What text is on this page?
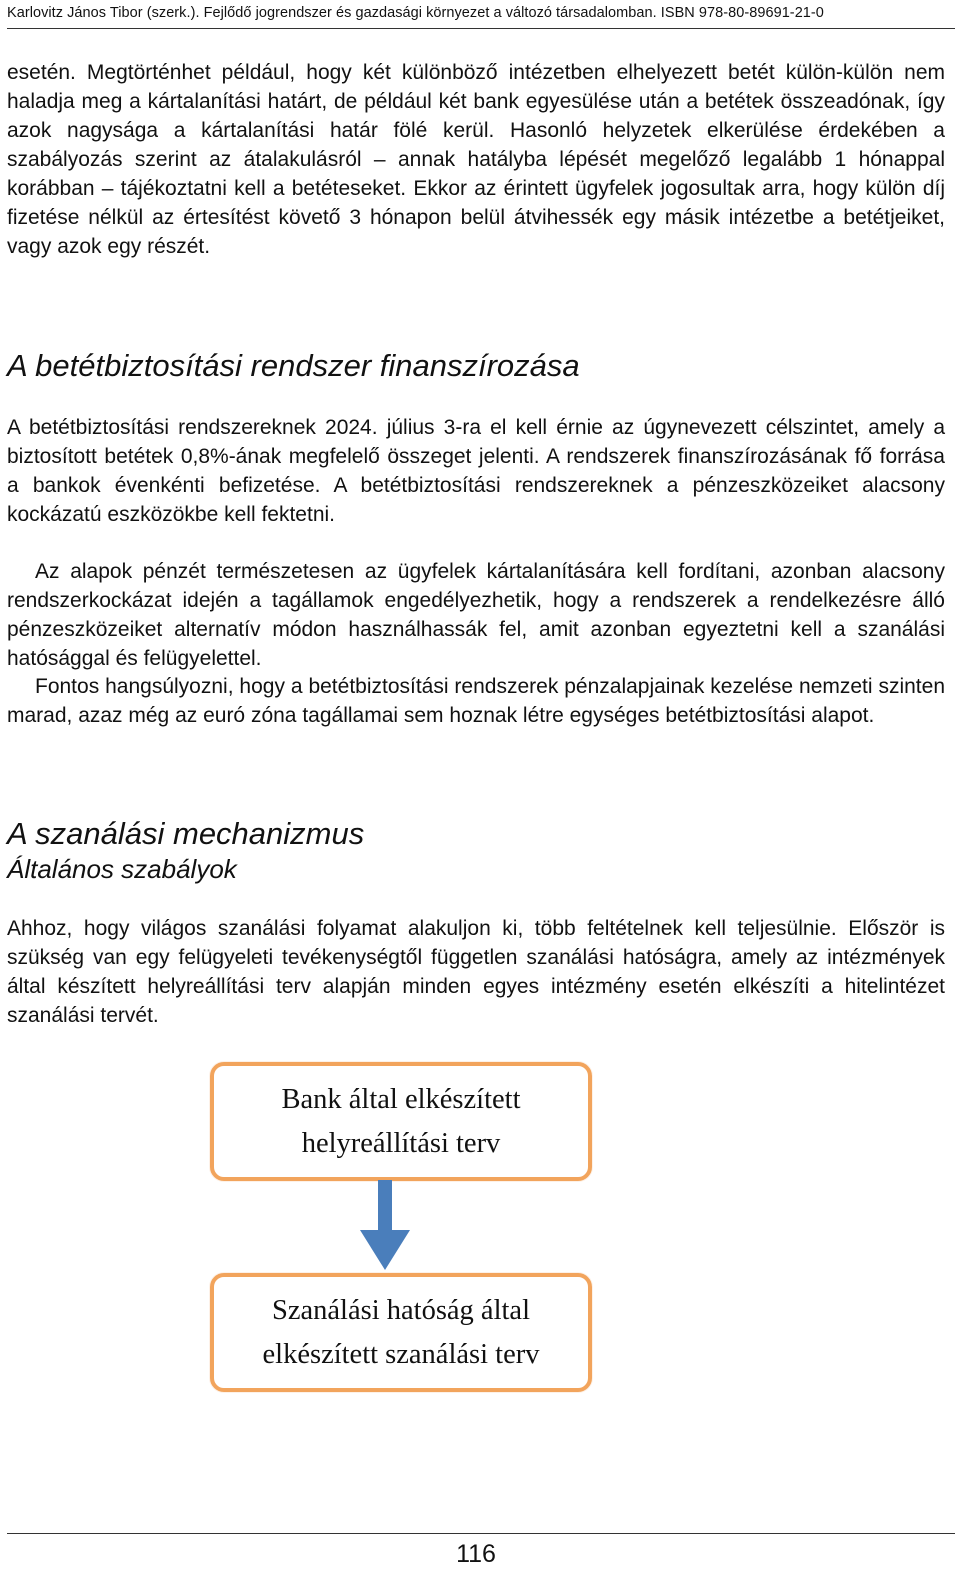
Karlovitz János Tibor (szerk.). Fejlődő jogrendszer és gazdasági környezet a változó társadalomban. ISBN 978-80-89691-21-0

esetén. Megtörténhet például, hogy két különböző intézetben elhelyezett betét külön-külön nem haladja meg a kártalanítási határt, de például két bank egyesülése után a betétek összeadónak, így azok nagysága a kártalanítási határ fölé kerül. Hasonló helyzetek elkerülése érdekében a szabályozás szerint az átalakulásról – annak hatályba lépését megelőző legalább 1 hónappal korábban – tájékoztatni kell a betéteseket. Ekkor az érintett ügyfelek jogosultak arra, hogy külön díj fizetése nélkül az értesítést követő 3 hónapon belül átvihessék egy másik intézetbe a betétjeiket, vagy azok egy részét.

A betétbiztosítási rendszer finanszírozása

A betétbiztosítási rendszereknek 2024. július 3-ra el kell érnie az úgynevezett célszintet, amely a biztosított betétek 0,8%-ának megfelelő összeget jelenti. A rendszerek finanszírozásának fő forrása a bankok évenkénti befizetése. A betétbiztosítási rendszereknek a pénzeszközeiket alacsony kockázatú eszközökbe kell fektetni.

Az alapok pénzét természetesen az ügyfelek kártalanítására kell fordítani, azonban alacsony rendszerkockázat idején a tagállamok engedélyezhetik, hogy a rendszerek a rendelkezésre álló pénzeszközeiket alternatív módon használhassák fel, amit azonban egyeztetni kell a szanálási hatósággal és felügyelettel.

Fontos hangsúlyozni, hogy a betétbiztosítási rendszerek pénzalapjainak kezelése nemzeti szinten marad, azaz még az euró zóna tagállamai sem hoznak létre egységes betétbiztosítási alapot.

A szanálási mechanizmus
Általános szabályok

Ahhoz, hogy világos szanálási folyamat alakuljon ki, több feltételnek kell teljesülnie. Először is szükség van egy felügyeleti tevékenységtől független szanálási hatóságra, amely az intézmények által készített helyreállítási terv alapján minden egyes intézmény esetén elkészíti a hitelintézet szanálási tervét.

Bank által elkészített
helyreállítási terv
Szanálási hatóság által
elkészített szanálási terv
116
